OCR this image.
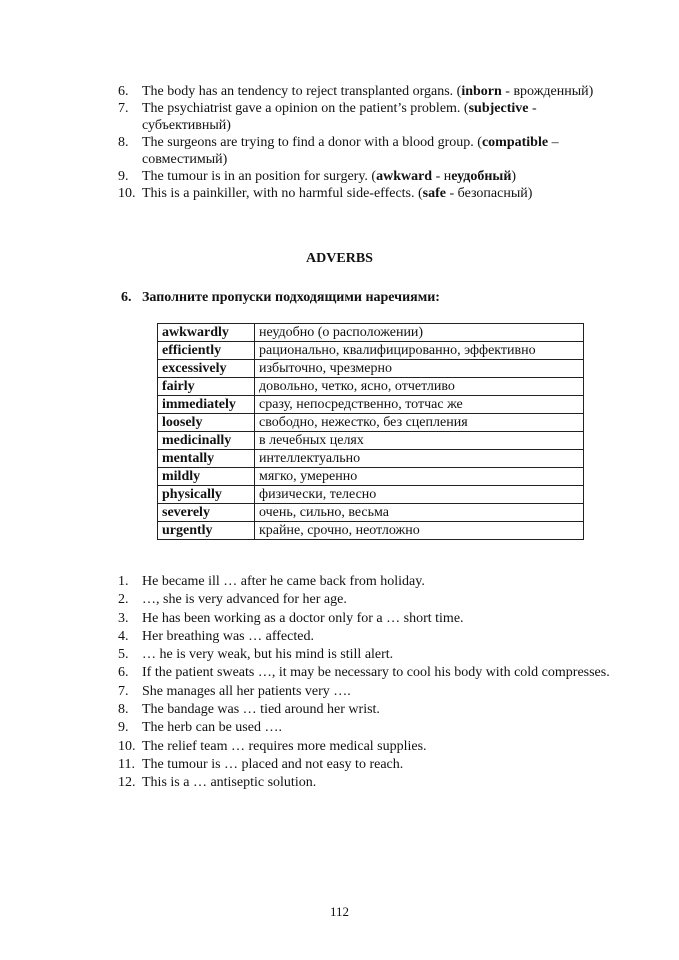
6. The body has an tendency to reject transplanted organs. (inborn - врожденный)
7. The psychiatrist gave a opinion on the patient’s problem. (subjective - субъективный)
8. The surgeons are trying to find a donor with a blood group. (compatible – совместимый)
9. The tumour is in an position for surgery. (awkward - неудобный)
10. This is a painkiller, with no harmful side-effects. (safe - безопасный)
ADVERBS
6. Заполните пропуски подходящими наречиями:
awkwardly	неудобно (о расположении)
efficiently	рационально, квалифицированно, эффективно
excessively	избыточно, чрезмерно
fairly	довольно, четко, ясно, отчетливо
immediately	сразу, непосредственно, тотчас же
loosely	свободно, нежестко, без сцепления
medicinally	в лечебных целях
mentally	интеллектуально
mildly	мягко, умеренно
physically	физически, телесно
severely	очень, сильно, весьма
urgently	крайне, срочно, неотложно
1. He became ill … after he came back from holiday.
2. …, she is very advanced for her age.
3. He has been working as a doctor only for a … short time.
4. Her breathing was … affected.
5. … he is very weak, but his mind is still alert.
6. If the patient sweats …, it may be necessary to cool his body with cold compresses.
7. She manages all her patients very ….
8. The bandage was … tied around her wrist.
9. The herb can be used ….
10. The relief team … requires more medical supplies.
11. The tumour is … placed and not easy to reach.
12. This is a … antiseptic solution.
112
